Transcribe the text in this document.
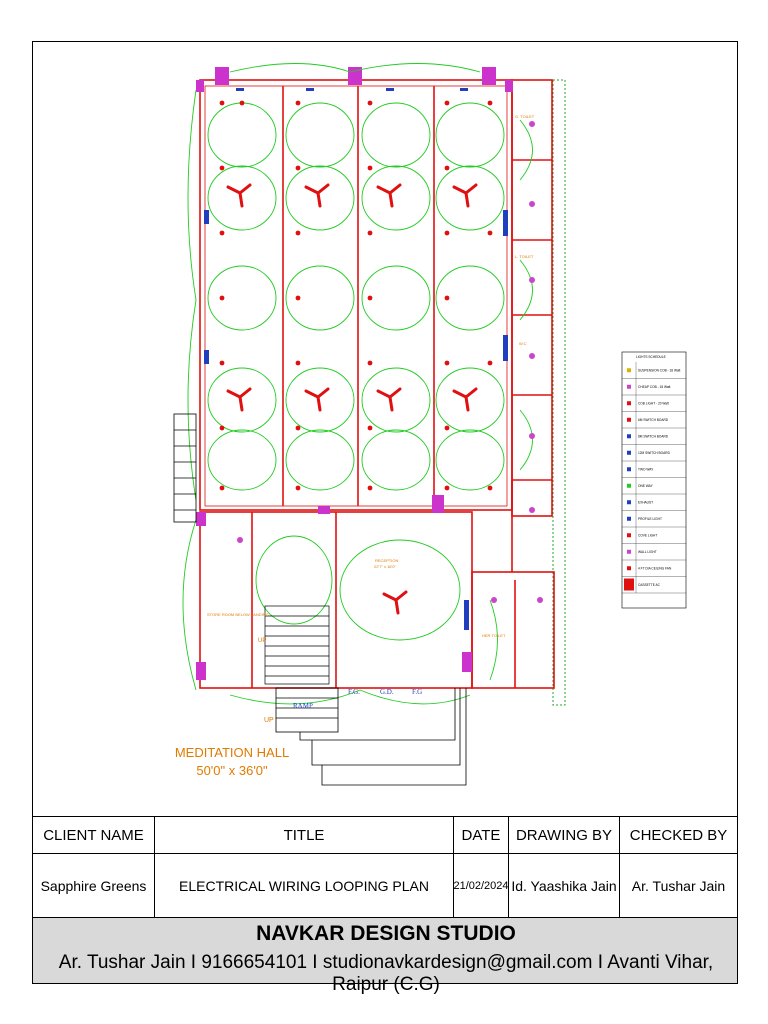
RECEPTION
22'7" x 16'0"
STORE ROOM BELOW LANDING
HER TOILET
G. TOILET
L. TOILET
W.C
RAMP
UP
UP
F.G.	G.D.	F.G
MEDITATION HALL
50'0" x 36'0"
LIGHTS SCHEDULE
SUSPENSION COB - 18 Watt
CHEAP COB - 18 Watt
COB LIGHT - 20 Watt
6M SWITCH BOARD
8M SWITCH BOARD
12M SWITCH BOARD
TWO WAY
ONE WAY
EXHAUST
PROFILE LIGHT
COVE LIGHT
WALL LIGHT
4 FT DIA CEILING FAN
CASSETTE AC
CLIENT NAME	TITLE	DATE	DRAWING BY	CHECKED BY
Sapphire Greens	ELECTRICAL WIRING LOOPING PLAN	21/02/2024 Id. Yaashika Jain	Ar. Tushar Jain
NAVKAR DESIGN STUDIO
Ar. Tushar Jain I 9166654101 I studionavkardesign@gmail.com I Avanti Vihar, Raipur (C.G)
